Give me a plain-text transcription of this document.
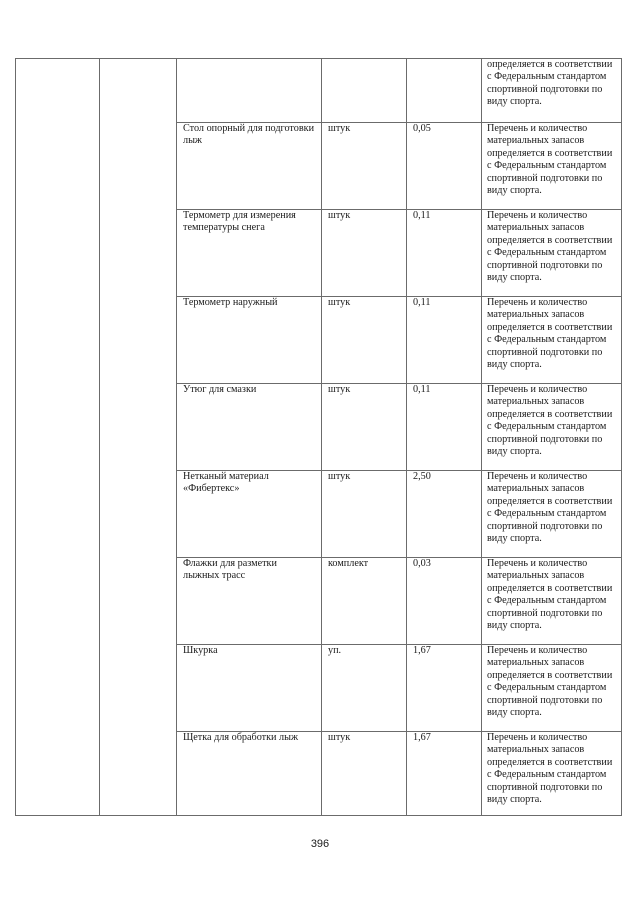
					определяется в соответствии с Федеральным стандартом спортивной подготовки по виду спорта.
		Стол опорный для подготовки лыж	штук	0,05	Перечень и количество материальных запасов определяется в соответствии с Федеральным стандартом спортивной подготовки по виду спорта.
		Термометр для измерения температуры снега	штук	0,11	Перечень и количество материальных запасов определяется в соответствии с Федеральным стандартом спортивной подготовки по виду спорта.
		Термометр наружный	штук	0,11	Перечень и количество материальных запасов определяется в соответствии с Федеральным стандартом спортивной подготовки по виду спорта.
		Утюг для смазки	штук	0,11	Перечень и количество материальных запасов определяется в соответствии с Федеральным стандартом спортивной подготовки по виду спорта.
		Нетканый материал «Фибертекс»	штук	2,50	Перечень и количество материальных запасов определяется в соответствии с Федеральным стандартом спортивной подготовки по виду спорта.
		Флажки для разметки лыжных трасс	комплект	0,03	Перечень и количество материальных запасов определяется в соответствии с Федеральным стандартом спортивной подготовки по виду спорта.
		Шкурка	уп.	1,67	Перечень и количество материальных запасов определяется в соответствии с Федеральным стандартом спортивной подготовки по виду спорта.
		Щетка для обработки лыж	штук	1,67	Перечень и количество материальных запасов определяется в соответствии с Федеральным стандартом спортивной подготовки по виду спорта.
396
